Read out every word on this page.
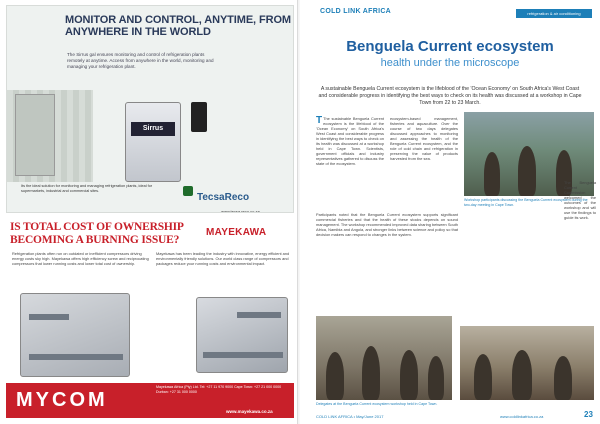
MONITOR AND CONTROL, ANYTIME, FROM ANYWHERE IN THE WORLD
The Sirrus gal ensures monitoring and control of refrigeration plants remotely at anytime. Access from anywhere in the world, monitoring and managing your refrigeration plant.
Sirrus
Its the ideal solution for monitoring and managing refrigeration plants, ideal for supermarkets, industrial and commercial sites.
TecsaReco
www.tecsa.reco.co.za
IS TOTAL COST OF OWNERSHIP BECOMING A BURNING ISSUE?
MAYEKAWA
Refrigeration plants often run on outdated or inefficient compressors driving energy costs sky high. Mayekawa offers high efficiency screw and reciprocating compressors that lower running costs and lower total cost of ownership.
Mayekawa has been leading the industry with innovative, energy efficient and environmentally friendly solutions. Our world class range of compressors and packages reduce your running costs and environmental impact.
MYCOM
Mayekawa Africa (Pty) Ltd. Tel: +27 11 970 9000 Cape Town: +27 21 000 0000 Durban: +27 31 000 0000
www.mayekawa.co.za
COLD LINK AFRICA	refrigeration & air conditioning
Benguela Current ecosystem
health under the microscope
A sustainable Benguela Current ecosystem is the lifeblood of the 'Ocean Economy' on South Africa's West Coast and considerable progress in identifying the best ways to check on its health was discussed at a workshop in Cape Town from 22 to 23 March.
T The sustainable Benguela Current ecosystem is the lifeblood of the 'Ocean Economy' on South Africa's West Coast and considerable progress in identifying the best ways to check on its health was discussed at a workshop held in Cape Town. Scientists, government officials and industry representatives gathered to discuss the state of the ecosystem.
ecosystem-based management, fisheries and aquaculture. Over the course of two days delegates discussed approaches to monitoring and assessing the health of the Benguela Current ecosystem, and the role of cold chain and refrigeration in preserving the value of products harvested from the sea.
Workshop participants discussing the Benguela Current ecosystem during the two-day meeting in Cape Town.
Participants noted that the Benguela Current ecosystem supports significant commercial fisheries and that the health of these stocks depends on sound management. The workshop recommended improved data sharing between South Africa, Namibia and Angola, and stronger links between science and policy so that decision makers can respond to changes in the system.
The Benguela Current Commission welcomed the outcomes of the workshop and will use the findings to guide its work.
Delegates at the Benguela Current ecosystem workshop held in Cape Town.
COLD LINK AFRICA • May/June 2017	www.coldlinkafrica.co.za	23
